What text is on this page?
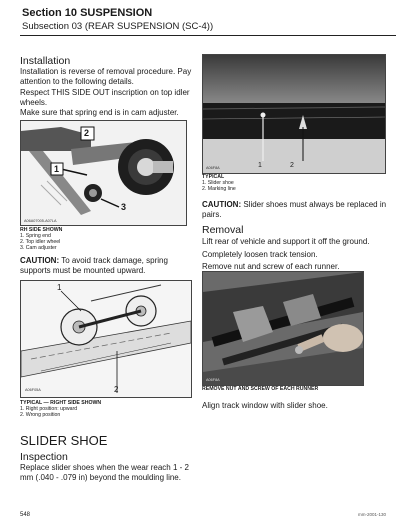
Section 10 SUSPENSION
Subsection 03 (REAR SUSPENSION (SC-4))
Installation
Installation is reverse of removal procedure. Pay attention to the following details.
Respect THIS SIDE OUT inscription on top idler wheels.
Make sure that spring end is in cam adjuster.
2
1
3
A06A07005-A07LA
RH SIDE SHOWN
1. Spring end
2. Top idler wheel
3. Cam adjuster
CAUTION: To avoid track damage, spring supports must be mounted upward.
1
2
A06F05A
TYPICAL — RIGHT SIDE SHOWN
1. Right position: upward
2. Wrong position
SLIDER SHOE
Inspection
Replace slider shoes when the wear reach 1 - 2 mm (.040 - .079 in) beyond the moulding line.
1	2
A06F8A
TYPICAL
1. Slider shoe
2. Marking line
CAUTION: Slider shoes must always be replaced in pairs.
Removal
Lift rear of vehicle and support it off the ground.
Completely loosen track tension.
Remove nut and screw of each runner.
A06F8A
REMOVE NUT AND SCREW OF EACH RUNNER
Align track window with slider shoe.
548	mm-2001-130
